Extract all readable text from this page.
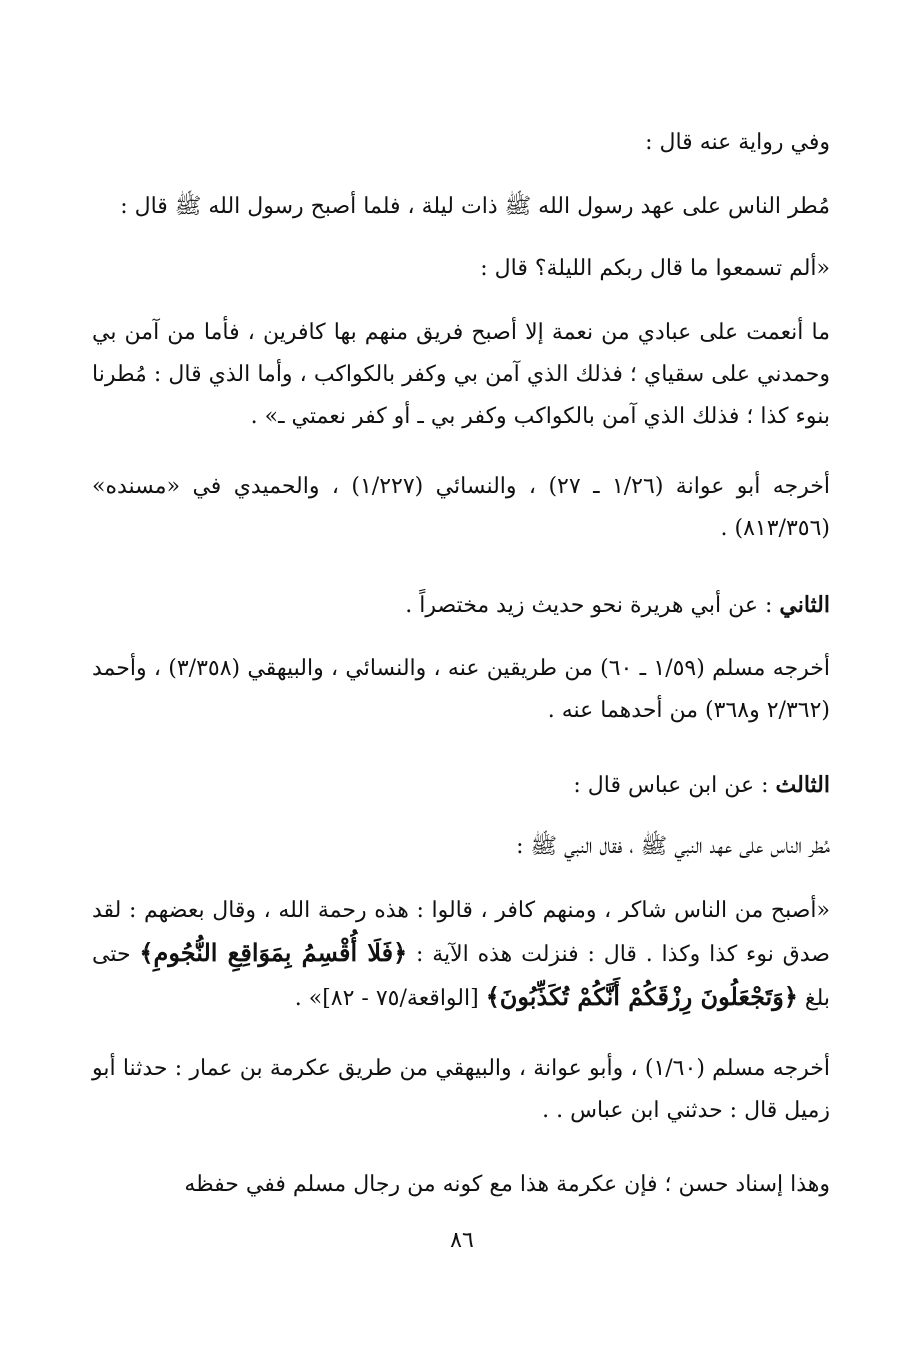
وفي رواية عنه قال :
مُطر الناس على عهد رسول الله ﷺ ذات ليلة ، فلما أصبح رسول الله ﷺ قال :
«ألم تسمعوا ما قال ربكم الليلة؟ قال :
ما أنعمت على عبادي من نعمة إلا أصبح فريق منهم بها كافرين ، فأما من آمن بي وحمدني على سقياي ؛ فذلك الذي آمن بي وكفر بالكواكب ، وأما الذي قال : مُطرنا بنوء كذا ؛ فذلك الذي آمن بالكواكب وكفر بي ـ أو كفر نعمتي ـ» .
أخرجه أبو عوانة (١/٢٦ ـ ٢٧) ، والنسائي (١/٢٢٧) ، والحميدي في «مسنده» (٨١٣/٣٥٦) .
الثاني : عن أبي هريرة نحو حديث زيد مختصراً .
أخرجه مسلم (١/٥٩ ـ ٦٠) من طريقين عنه ، والنسائي ، والبيهقي (٣/٣٥٨) ، وأحمد (٢/٣٦٢ و٣٦٨) من أحدهما عنه .
الثالث : عن ابن عباس قال :
مُطر الناس على عهد النبي ﷺ ، فقال النبي ﷺ :
«أصبح من الناس شاكر ، ومنهم كافر ، قالوا : هذه رحمة الله ، وقال بعضهم : لقد صدق نوء كذا وكذا . قال : فنزلت هذه الآية : ﴿فَلَا أُقْسِمُ بِمَوَاقِعِ النُّجُومِ﴾ حتى بلغ ﴿وَتَجْعَلُونَ رِزْقَكُمْ أَنَّكُمْ تُكَذِّبُونَ﴾ [الواقعة/٧٥ - ٨٢]» .
أخرجه مسلم (١/٦٠) ، وأبو عوانة ، والبيهقي من طريق عكرمة بن عمار : حدثنا أبو زميل قال : حدثني ابن عباس . .
وهذا إسناد حسن ؛ فإن عكرمة هذا مع كونه من رجال مسلم ففي حفظه
٨٦
